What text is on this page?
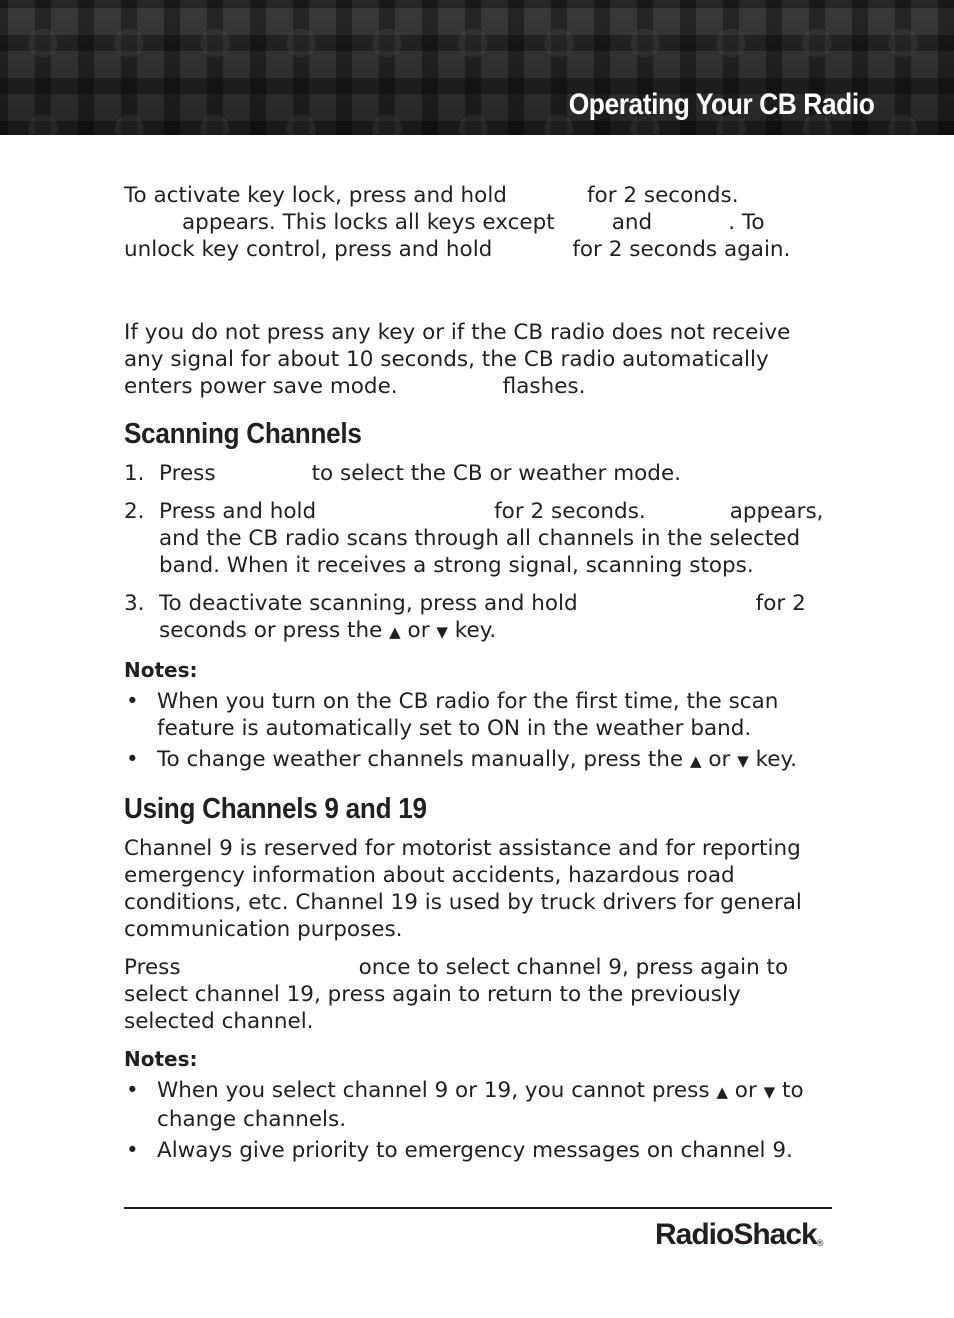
Operating Your CB Radio

To activate key lock, press and hold	for 2 seconds.
appears. This locks all keys except	and	. To
unlock key control, press and hold	for 2 seconds again.

If you do not press any key or if the CB radio does not receive any signal for about 10 seconds, the CB radio automatically enters power save mode.	flashes.

Scanning Channels
1. Press	to select the CB or weather mode.
2. Press and hold	for 2 seconds.	appears, and the CB radio scans through all channels in the selected band. When it receives a strong signal, scanning stops.
3. To deactivate scanning, press and hold	for 2 seconds or press the ▲ or ▼ key.
Notes:
• When you turn on the CB radio for the first time, the scan feature is automatically set to ON in the weather band.
• To change weather channels manually, press the ▲ or ▼ key.
Using Channels 9 and 19

Channel 9 is reserved for motorist assistance and for reporting emergency information about accidents, hazardous road conditions, etc. Channel 19 is used by truck drivers for general communication purposes.

Press	once to select channel 9, press again to select channel 19, press again to return to the previously selected channel.

Notes:
• When you select channel 9 or 19, you cannot press ▲ or ▼ to change channels.
• Always give priority to emergency messages on channel 9.
RadioShack®
